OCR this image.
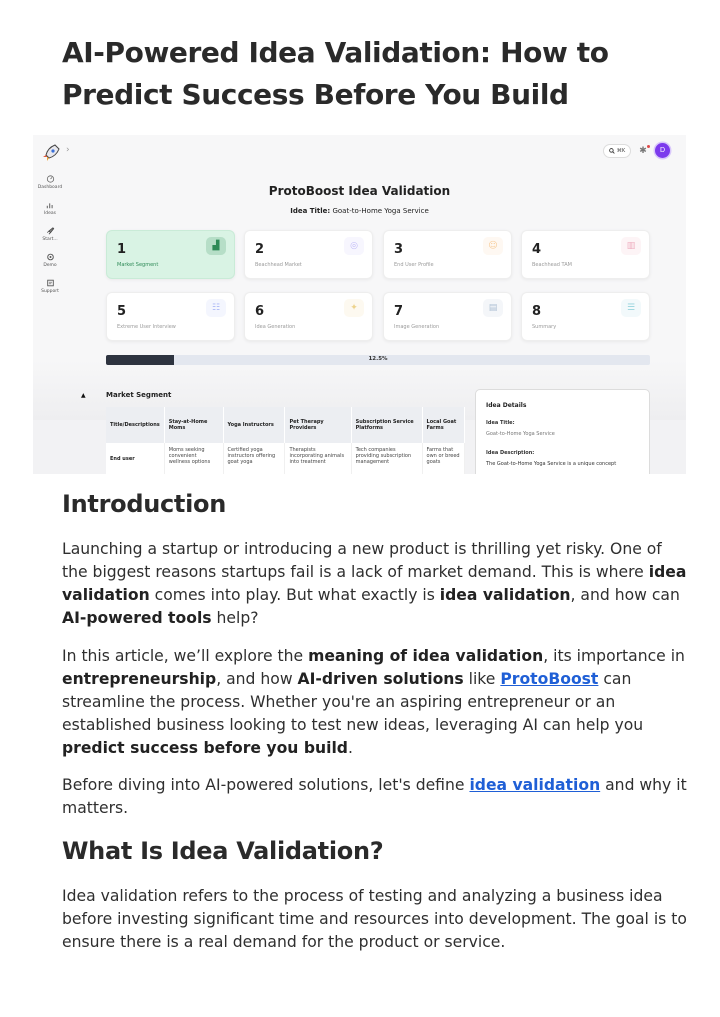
AI-Powered Idea Validation: How to Predict Success Before You Build
›
Dashboard
Ideas
Start...
Demo
Support
⌘K ✱	D
ProtoBoost Idea Validation
Idea Title: Goat-to-Home Yoga Service
1
Market Segment
▟	2
Beachhead Market
◎	3
End User Profile
☺	4
Beachhead TAM
▥
5
Extreme User Interview
☷	6
Idea Generation
✦	7
Image Generation
▤	8
Summary
☰
12.5%
▲	Market Segment
Title/Descriptions	Stay-at-Home Moms	Yoga Instructors	Pet Therapy Providers	Subscription Service Platforms	Local Goat Farms
End user	Moms seeking convenient wellness options	Certified yoga instructors offering goat yoga	Therapists incorporating animals into treatment	Tech companies providing subscription management	Farms that own or breed goats
Idea Details
Idea Title:
Goat-to-Home Yoga Service
Idea Description:
The Goat-to-Home Yoga Service is a unique concept
Introduction

Launching a startup or introducing a new product is thrilling yet risky. One of the biggest reasons startups fail is a lack of market demand. This is where idea validation comes into play. But what exactly is idea validation, and how can AI-powered tools help?

In this article, we’ll explore the meaning of idea validation, its importance in entrepreneurship, and how AI-driven solutions like ProtoBoost can streamline the process. Whether you're an aspiring entrepreneur or an established business looking to test new ideas, leveraging AI can help you predict success before you build.

Before diving into AI-powered solutions, let's define idea validation and why it matters.

What Is Idea Validation?

Idea validation refers to the process of testing and analyzing a business idea before investing significant time and resources into development. The goal is to ensure there is a real demand for the product or service.
